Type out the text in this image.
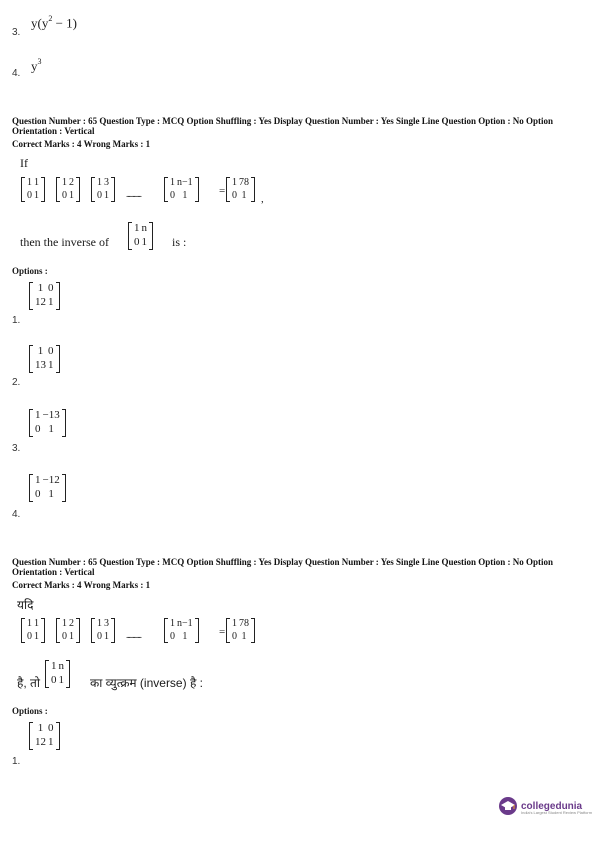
3.
$y(y^2 - 1)$
4.
$y^3$
Question Number : 65 Question Type : MCQ Option Shuffling : Yes Display Question Number : Yes Single Line Question Option : No Option Orientation : Vertical
Correct Marks : 4 Wrong Marks : 1
If
1	1
0	1
1	2
0	1
1	3
0	1 ............
1	n−1
0	1	=
1	78
0	1 ,
then the inverse of
1	n
0	1 is :
Options :
1	0
12	1
1.
1	0
13	1
2.
1	−13
0	1
3.
1	−12
0	1
4.
Question Number : 65 Question Type : MCQ Option Shuffling : Yes Display Question Number : Yes Single Line Question Option : No Option Orientation : Vertical
Correct Marks : 4 Wrong Marks : 1
यदि
1	1
0	1
1	2
0	1
1	3
0	1 ............
1	n−1
0	1	=
1	78
0	1
है, तो
1	n
0	1 का व्युत्क्रम (inverse) है :
Options :
1	0
12	1
1.
collegedunia
India's Largest Student Review Platform
